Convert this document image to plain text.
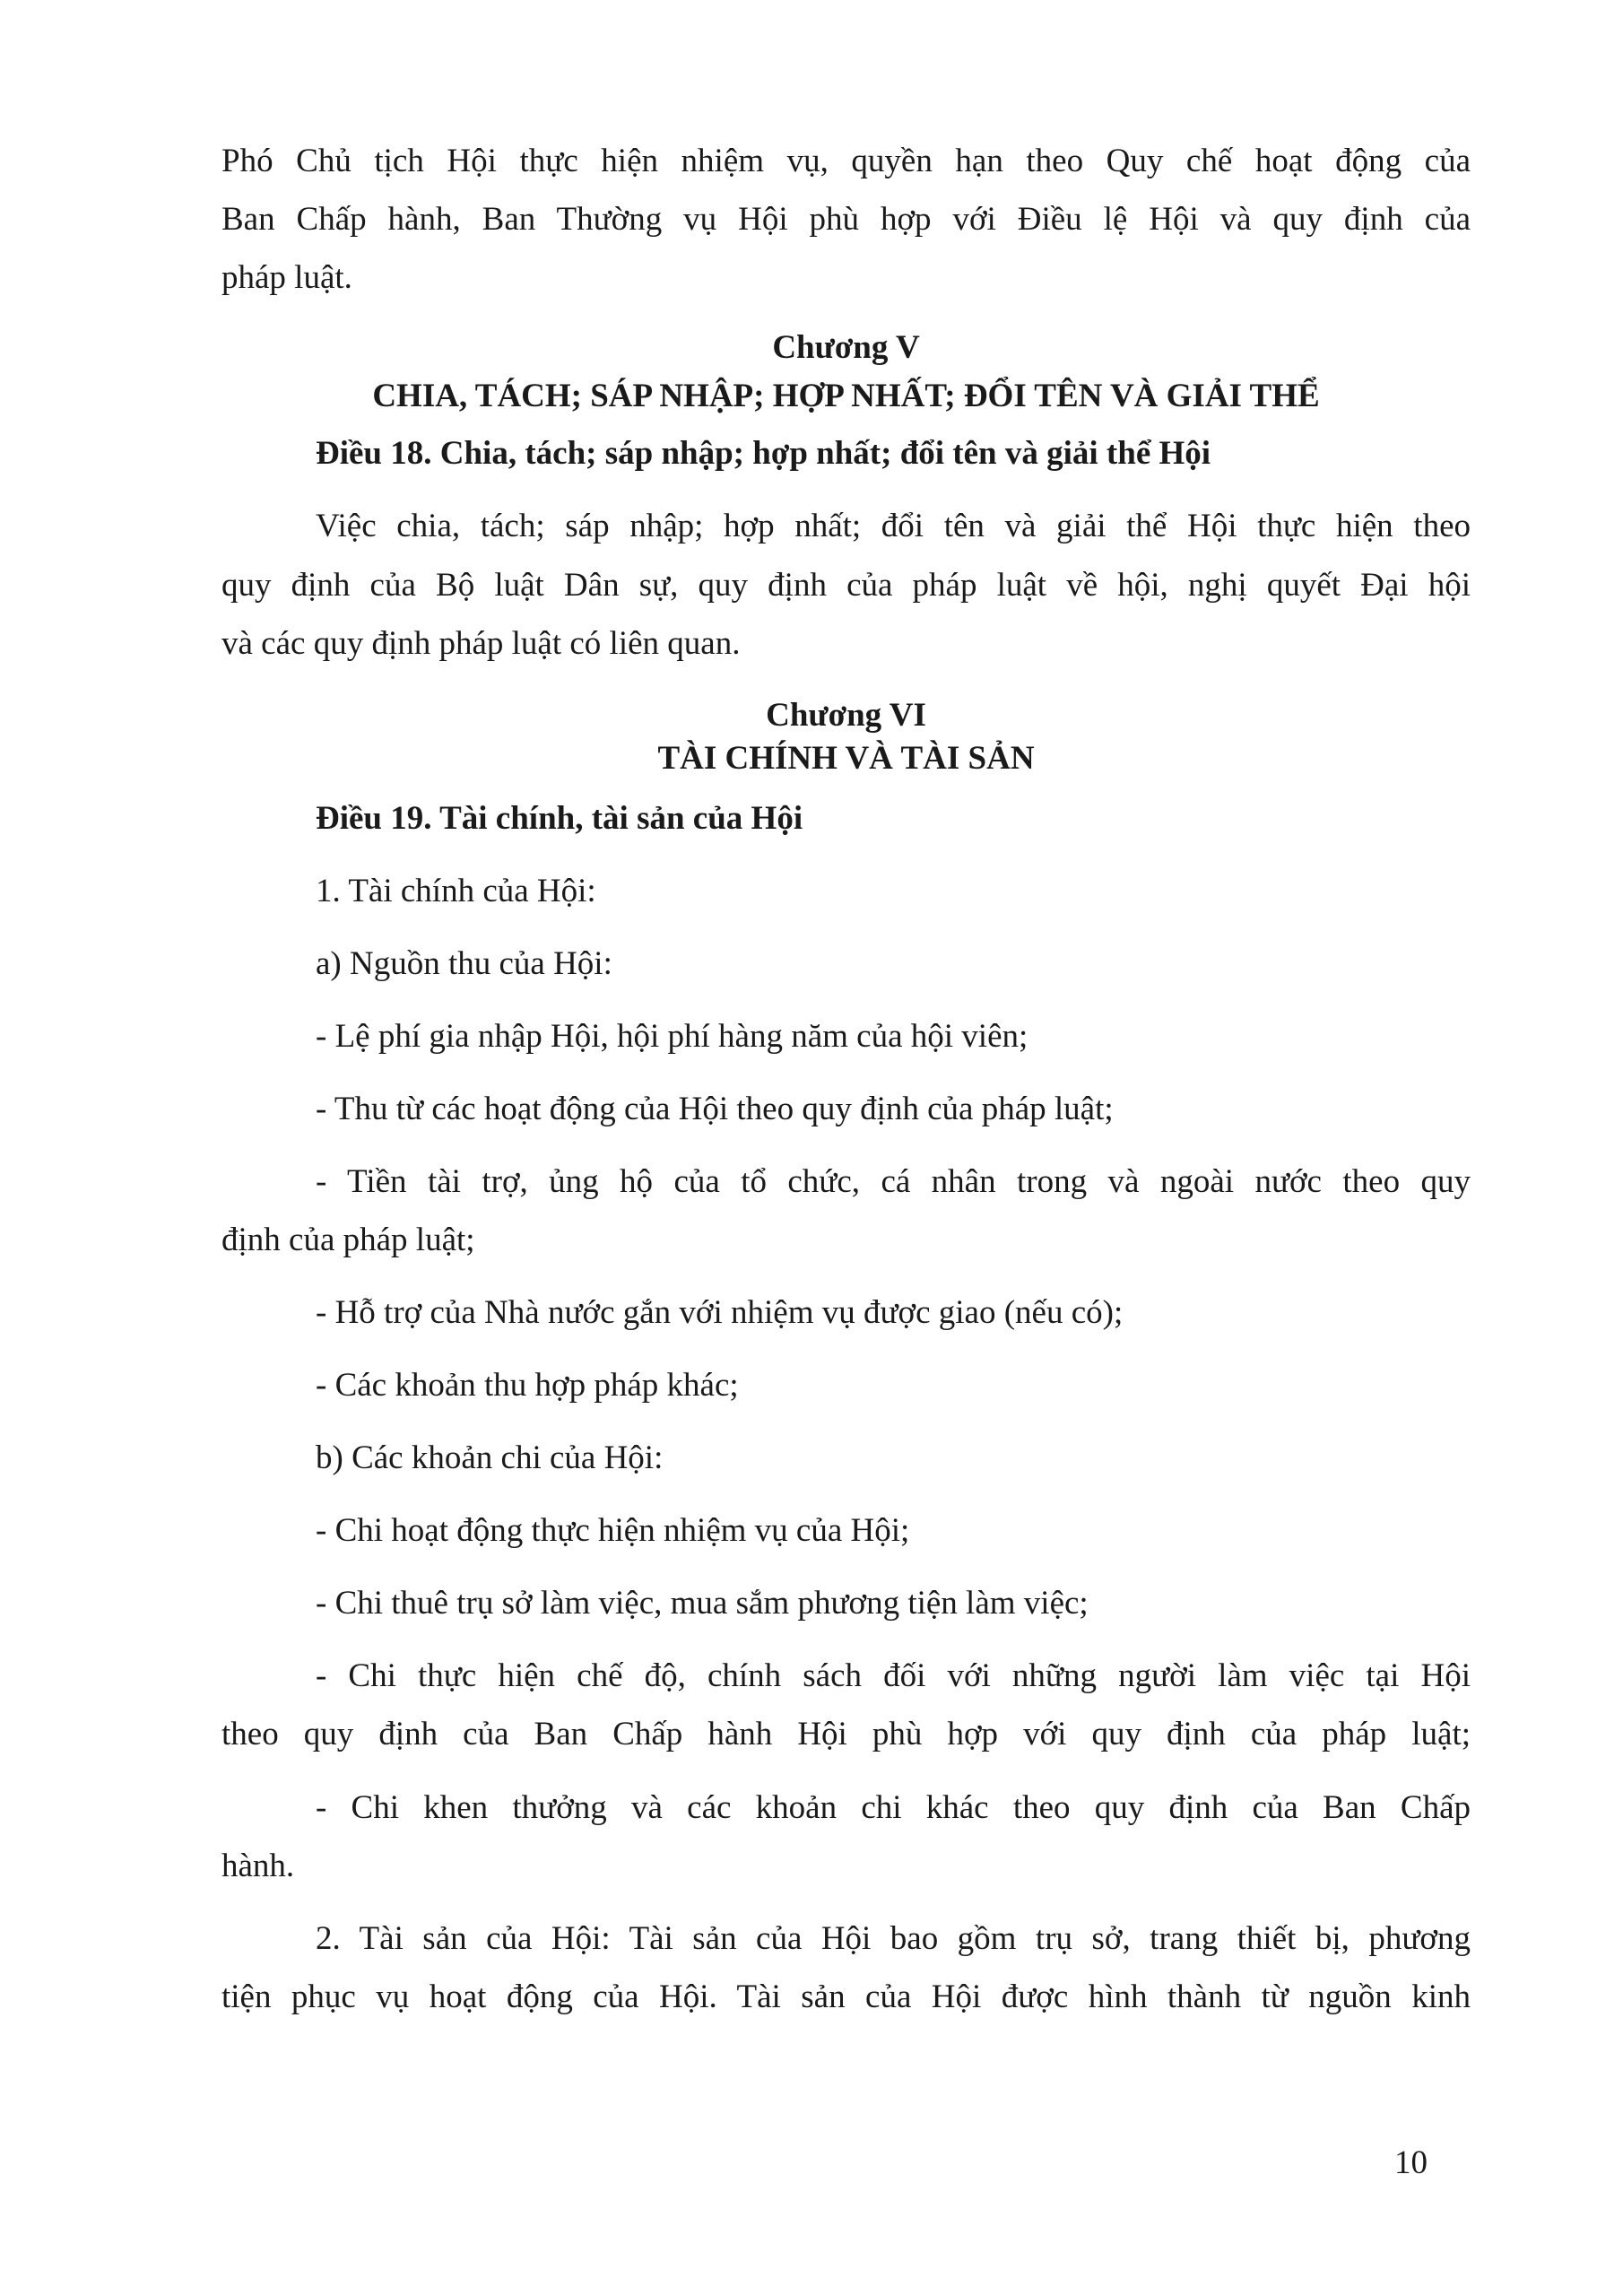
Phó Chủ tịch Hội thực hiện nhiệm vụ, quyền hạn theo Quy chế hoạt động của
Ban Chấp hành, Ban Thường vụ Hội phù hợp với Điều lệ Hội và quy định của
pháp luật.
Chương V
CHIA, TÁCH; SÁP NHẬP; HỢP NHẤT; ĐỔI TÊN VÀ GIẢI THỂ
Điều 18. Chia, tách; sáp nhập; hợp nhất; đổi tên và giải thể Hội
Việc chia, tách; sáp nhập; hợp nhất; đổi tên và giải thể Hội thực hiện theo
quy định của Bộ luật Dân sự, quy định của pháp luật về hội, nghị quyết Đại hội
và các quy định pháp luật có liên quan.
Chương VI
TÀI CHÍNH VÀ TÀI SẢN
Điều 19. Tài chính, tài sản của Hội
1. Tài chính của Hội:
a) Nguồn thu của Hội:
- Lệ phí gia nhập Hội, hội phí hàng năm của hội viên;
- Thu từ các hoạt động của Hội theo quy định của pháp luật;
- Tiền tài trợ, ủng hộ của tổ chức, cá nhân trong và ngoài nước theo quy
định của pháp luật;
- Hỗ trợ của Nhà nước gắn với nhiệm vụ được giao (nếu có);
- Các khoản thu hợp pháp khác;
b) Các khoản chi của Hội:
- Chi hoạt động thực hiện nhiệm vụ của Hội;
- Chi thuê trụ sở làm việc, mua sắm phương tiện làm việc;
- Chi thực hiện chế độ, chính sách đối với những người làm việc tại Hội
theo quy định của Ban Chấp hành Hội phù hợp với quy định của pháp luật;
- Chi khen thưởng và các khoản chi khác theo quy định của Ban Chấp
hành.
2. Tài sản của Hội: Tài sản của Hội bao gồm trụ sở, trang thiết bị, phương
tiện phục vụ hoạt động của Hội. Tài sản của Hội được hình thành từ nguồn kinh
10
